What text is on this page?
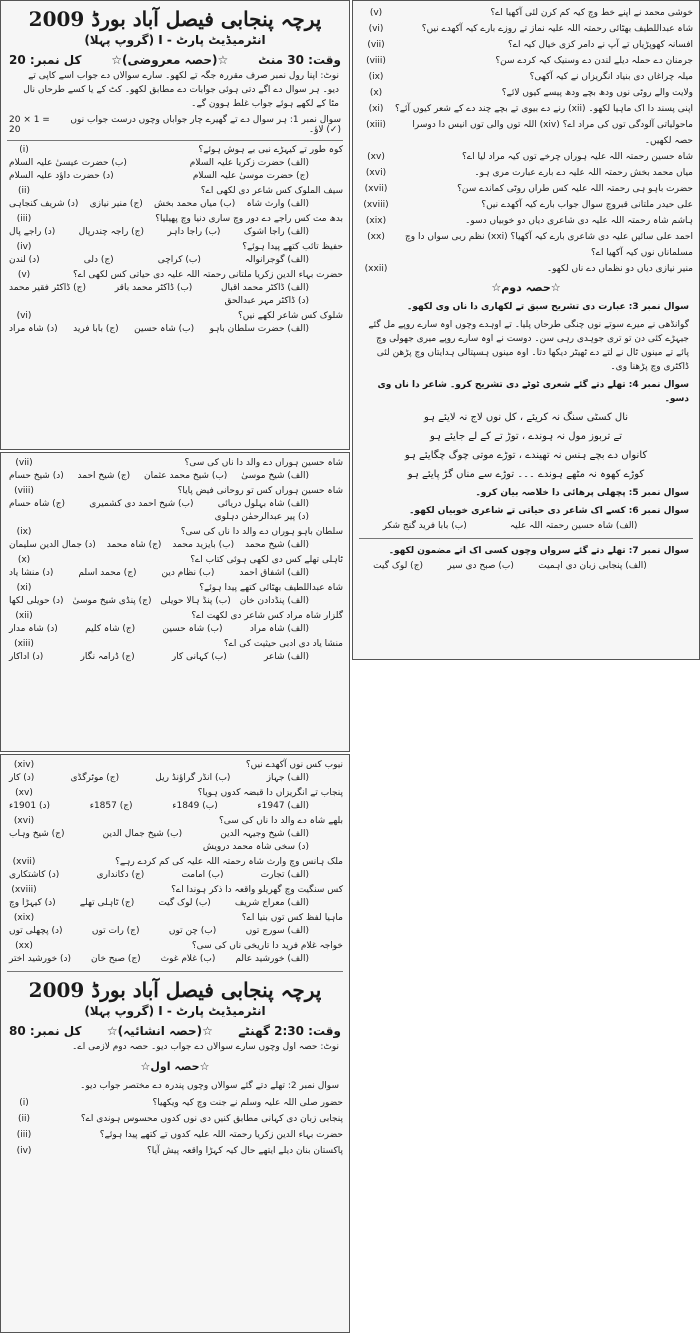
پرچہ پنجابی فیصل آباد بورڈ 2009
انٹرمیڈیٹ پارٹ - I (گروپ پہلا)
وقت: 30 منٹ
☆(حصہ معروضی)☆
کل نمبر: 20
نوٹ: اپنا رول نمبر صرف مقررہ جگہ تے لکھو۔ سارے سوالاں دے جواب اسے کاپی تے دیو۔ ہر سوال دے اگے دتی ہوئی جوابات دے مطابق لکھو۔ کٹ کے یا کسے طرحاں نال مٹا کے لکھے ہوئے جواب غلط ہوون گے۔
سوال نمبر 1: ہر سوال دے تے گھیرے چار جواباں وچوں درست جواب نوں (✓) لاؤ۔
20 × 1 = 20
کوہ طور تے کیہڑے نبی بے ہوش ہوئے؟
(i)
(الف) حضرت زکریا علیہ السلام
(ب) حضرت عیسیٰ علیہ السلام
(ج) حضرت موسیٰ علیہ السلام
(د) حضرت داؤد علیہ السلام
سیف الملوک کس شاعر دی لکھی اے؟
(ii)
(الف) وارث شاہ
(ب) میاں محمد بخش
(ج) منیر نیازی
(د) شریف کنجاہی
بدھ مت کس راجے دے دور وچ ساری دنیا وچ پھیلیا؟
(iii)
(الف) راجا اشوک
(ب) راجا داہر
(ج) راجہ چندرپال
(د) راجے پال
حفیظ تائب کتھے پیدا ہوئے؟
(iv)
(الف) گوجرانوالہ
(ب) کراچی
(ج) دلی
(د) لندن
حضرت بہاء الدین زکریا ملتانی رحمتہ اللہ علیہ دی حیاتی کس لکھی اے؟
(v)
(الف) ڈاکٹر محمد اقبال
(ب) ڈاکٹر محمد باقر
(ج) ڈاکٹر فقیر محمد
(د) ڈاکٹر مہر عبدالحق
شلوک کس شاعر لکھے نیں؟
(vi)
(الف) حضرت سلطان باہو
(ب) شاہ حسین
(ج) بابا فرید
(د) شاہ مراد
شاہ حسین ہوراں دے والد دا ناں کی سی؟
(vii)
(الف) شیخ موسیٰ
(ب) شیخ محمد عثمان
(ج) شیخ احمد
(د) شیخ حسام
شاہ حسین ہوراں کس تو روحانی فیض پایا؟
(viii)
(الف) شاہ بہلول دریائی
(ب) شیخ احمد دی کشمیری
(ج) شاہ حسام
(د) پیر عبدالرحمٰن دہلوی
سلطان باہو ہوراں دے والد دا ناں کی سی؟
(ix)
(الف) شیخ محمد
(ب) بایزید محمد
(ج) شاہ محمد
(د) جمال الدین سلیمان
ٹاہلی تھلے کس دی لکھی ہوئی کتاب اے؟
(x)
(الف) اشفاق احمد
(ب) نظام دین
(ج) محمد اسلم
(د) منشا یاد
شاہ عبداللطیف بھٹائی کتھے پیدا ہوئے؟
(xi)
(الف) پنڈدادن خان
(ب) پنڈ ہالا حویلی
(ج) پنڈی شیخ موسیٰ
(د) حویلی لکھا
گلزار شاہ مراد کس شاعر دی لکھت اے؟
(xii)
(الف) شاہ مراد
(ب) شاہ حسین
(ج) شاہ کلیم
(د) شاہ مدار
منشا یاد دی ادبی حیثیت کی اے؟
(xiii)
(الف) شاعر
(ب) کہانی کار
(ج) ڈرامہ نگار
(د) اداکار
نیوب کس نوں آکھدے نیں؟
(xiv)
(الف) جہاز
(ب) انڈر گراؤنڈ ریل
(ج) موٹرگڈی
(د) کار
پنجاب تے انگریزاں دا قبضہ کدوں ہویا؟
(xv)
(الف) 1947ء
(ب) 1849ء
(ج) 1857ء
(د) 1901ء
بلھے شاہ دے والد دا ناں کی سی؟
(xvi)
(الف) شیخ وجیہہ الدین
(ب) شیخ جمال الدین
(ج) شیخ وہاب
(د) سخی شاہ محمد درویش
ملک ہانس وچ وارث شاہ رحمتہ اللہ علیہ کی کم کردے رہے؟
(xvii)
(الف) تجارت
(ب) امامت
(ج) دکانداری
(د) کاشتکاری
کس سنگیت وچ گھریلو واقعہ دا ذکر ہوندا اے؟
(xviii)
(الف) معراج شریف
(ب) لوک گیت
(ج) ٹاہلی تھلے
(د) کیہڑا وچ
ماہیا لفظ کس توں بنیا اے؟
(xix)
(الف) سورج توں
(ب) چن توں
(ج) رات توں
(د) پچھلی توں
خواجہ غلام فرید دا تاریخی ناں کی سی؟
(xx)
(الف) خورشید عالم
(ب) غلام غوث
(ج) صبح خان
(د) خورشید اختر
پرچہ پنجابی فیصل آباد بورڈ 2009
انٹرمیڈیٹ پارٹ - I (گروپ پہلا)
وقت: 2:30 گھنٹے
☆(حصہ انشائیہ)☆
کل نمبر: 80
نوٹ: حصہ اول وچوں سارے سوالاں دے جواب دیو۔ حصہ دوم لازمی اے۔
☆حصہ اول☆
سوال نمبر 2: تھلے دتے گئے سوالاں وچوں پندرہ دے مختصر جواب دیو۔
حضور صلی اللہ علیہ وسلم نے جنت وچ کیہ ویکھیا؟
(i)
پنجابی زبان دی کہانی مطابق کنیں دی نوں کدوں محسوس ہوندی اے؟
(ii)
حضرت بہاء الدین زکریا رحمتہ اللہ علیہ کدوں تے کتھے پیدا ہوئے؟
(iii)
پاکستان بنان دیلے ایتھے حال کیہ کہڑا واقعہ پیش آیا؟
(iv)
خوشی محمد نے اپنے خط وچ کیہ کم کرن لئی آکھیا اے؟
(v)
شاہ عبداللطیف بھٹائی رحمتہ اللہ علیہ نماز تے روزے بارے کیہ آکھدے نیں؟
(vi)
افسانہ کھوپڑیاں تے آپ نے دامر کزی خیال کیہ اے؟
(vii)
جرمنان دے حملہ دیلے لندن دے وسنیک کیہ کردے سن؟
(viii)
میلہ چراغاں دی بنیاد انگریزاں نے کیہ آکھی؟
(ix)
ولایت والے روٹی نوں ودھ بچے ودھ پیسے کیوں لائے؟
(x)
اپنی پسند دا اک ماہیا لکھو۔ (xii) رنے دے بیوی تے بچے چند دے کے شعر کیوں آئے؟
(xi)
ماحولیاتی آلودگی توں کی مراد اے؟ (xiv) اللہ توں والی توں انیس دا دوسرا حصہ لکھیں۔
(xiii)
شاہ حسین رحمتہ اللہ علیہ ہوراں چرخے توں کیہ مراد لیا اے؟
(xv)
میاں محمد بخش رحمتہ اللہ علیہ دے بارے عبارت مری ہو۔
(xvi)
حضرت باہو ہی رحمتہ اللہ علیہ کس طراں روٹی کماندے سن؟
(xvii)
علی حیدر ملتانی قبروچ سوال جواب بارے کیہ آکھدے نیں؟
(xviii)
ہاشم شاہ رحمتہ اللہ علیہ دی شاعری دیاں دو خوبیاں دسو۔
(xix)
احمد علی سائیں علیہ دی شاعری بارے کیہ آکھیا؟ (xxi) نظم ربی سواں دا وچ مسلماناں نوں کیہ آکھیا اے؟
(xx)
منیر نیازی دیاں دو نظماں دے ناں لکھو۔
(xxii)
☆حصہ دوم☆
سوال نمبر 3: عبارت دی تشریح سبق تے لکھاری دا ناں وی لکھو۔
گوانڈھی نے میرے سوتے نوں چنگی طرحاں پلیا۔ تے اوہدے وچوں اوہ سارے روپے مل گئے جیہڑے کئی دن تو تری جوہدی رہی سن۔ دوست نے اوہ سارے روپے میری جھولی وچ پائے تے مینوں ٹال نے لتے دے ٹھیٹر دیکھا دتا۔ اوہ مینوں ہسپتالی ہدایتاں وچ پڑھن لئی ڈاکٹری وچ پڑھنا وی۔
سوال نمبر 4: تھلے دتے گئے شعری ٹوٹے دی تشریح کرو۔ شاعر دا ناں وی دسو۔
نال کسٹی سنگ نہ کریئے ، کل نوں لاج نہ لایئے ہو
تے تربوز مول نہ ہوندے ، توڑ تے کے لے جایئے ہو
کانواں دے بچے ہنس نہ تھیندے ، توڑے موتی چوگ چگایئے ہو
کوڑے کھوہ نہ مٹھے ہوندے ۔۔۔ توڑے سے مناں گڑ پایئے ہو
سوال نمبر 5: پچھلی پرھائی دا خلاصہ بیان کرو۔
سوال نمبر 6: کسے اک شاعر دی حیاتی تے شاعری خوبیاں لکھو۔
(الف) شاہ حسین رحمتہ اللہ علیہ
(ب) بابا فرید گنج شکر
سوال نمبر 7: تھلے دتے گئے سرواں وچوں کسی اک اتے مضمون لکھو۔
(الف) پنجابی زبان دی اہمیت
(ب) صبح دی سیر
(ج) لوک گیت
